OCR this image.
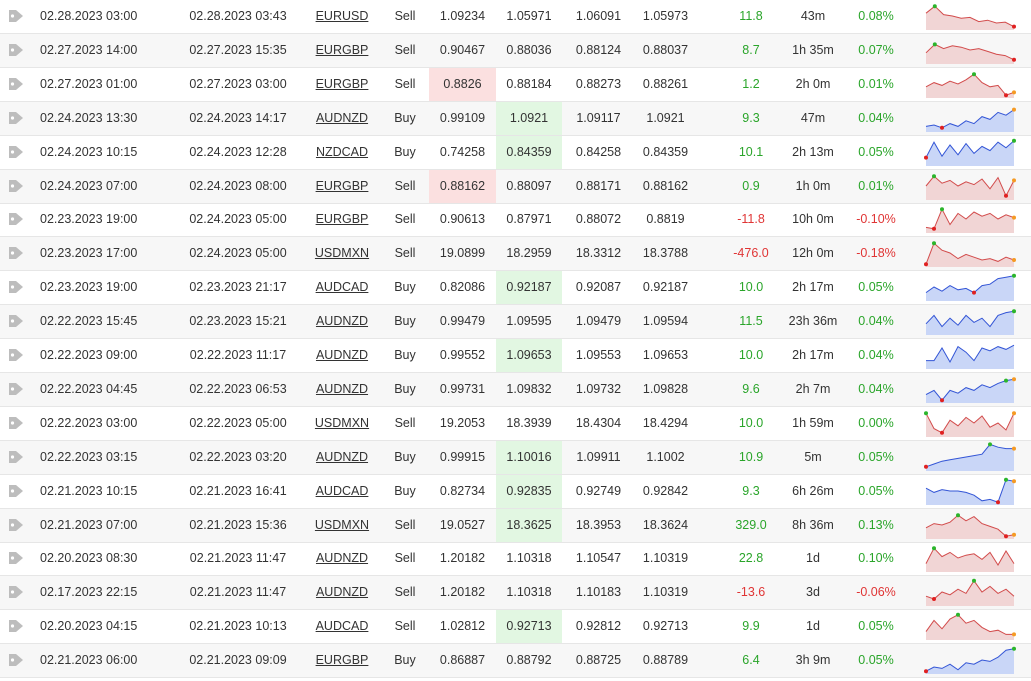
02.28.2023 03:00	02.28.2023 03:43	EURUSD	Sell	1.09234	1.05971	1.06091	1.05973	11.8	43m	0.08%
02.27.2023 14:00	02.27.2023 15:35	EURGBP	Sell	0.90467	0.88036	0.88124	0.88037	8.7	1h 35m	0.07%
02.27.2023 01:00	02.27.2023 03:00	EURGBP	Sell	0.8826	0.88184	0.88273	0.88261	1.2	2h 0m	0.01%
02.24.2023 13:30	02.24.2023 14:17	AUDNZD	Buy	0.99109	1.0921	1.09117	1.0921	9.3	47m	0.04%
02.24.2023 10:15	02.24.2023 12:28	NZDCAD	Buy	0.74258	0.84359	0.84258	0.84359	10.1	2h 13m	0.05%
02.24.2023 07:00	02.24.2023 08:00	EURGBP	Sell	0.88162	0.88097	0.88171	0.88162	0.9	1h 0m	0.01%
02.23.2023 19:00	02.24.2023 05:00	EURGBP	Sell	0.90613	0.87971	0.88072	0.8819	-11.8	10h 0m	-0.10%
02.23.2023 17:00	02.24.2023 05:00	USDMXN	Sell	19.0899	18.2959	18.3312	18.3788	-476.0	12h 0m	-0.18%
02.23.2023 19:00	02.23.2023 21:17	AUDCAD	Buy	0.82086	0.92187	0.92087	0.92187	10.0	2h 17m	0.05%
02.22.2023 15:45	02.23.2023 15:21	AUDNZD	Buy	0.99479	1.09595	1.09479	1.09594	11.5	23h 36m	0.04%
02.22.2023 09:00	02.22.2023 11:17	AUDNZD	Buy	0.99552	1.09653	1.09553	1.09653	10.0	2h 17m	0.04%
02.22.2023 04:45	02.22.2023 06:53	AUDNZD	Buy	0.99731	1.09832	1.09732	1.09828	9.6	2h 7m	0.04%
02.22.2023 03:00	02.22.2023 05:00	USDMXN	Sell	19.2053	18.3939	18.4304	18.4294	10.0	1h 59m	0.00%
02.22.2023 03:15	02.22.2023 03:20	AUDNZD	Buy	0.99915	1.10016	1.09911	1.1002	10.9	5m	0.05%
02.21.2023 10:15	02.21.2023 16:41	AUDCAD	Buy	0.82734	0.92835	0.92749	0.92842	9.3	6h 26m	0.05%
02.21.2023 07:00	02.21.2023 15:36	USDMXN	Sell	19.0527	18.3625	18.3953	18.3624	329.0	8h 36m	0.13%
02.20.2023 08:30	02.21.2023 11:47	AUDNZD	Sell	1.20182	1.10318	1.10547	1.10319	22.8	1d	0.10%
02.17.2023 22:15	02.21.2023 11:47	AUDNZD	Sell	1.20182	1.10318	1.10183	1.10319	-13.6	3d	-0.06%
02.20.2023 04:15	02.21.2023 10:13	AUDCAD	Sell	1.02812	0.92713	0.92812	0.92713	9.9	1d	0.05%
02.21.2023 06:00	02.21.2023 09:09	EURGBP	Buy	0.86887	0.88792	0.88725	0.88789	6.4	3h 9m	0.05%
